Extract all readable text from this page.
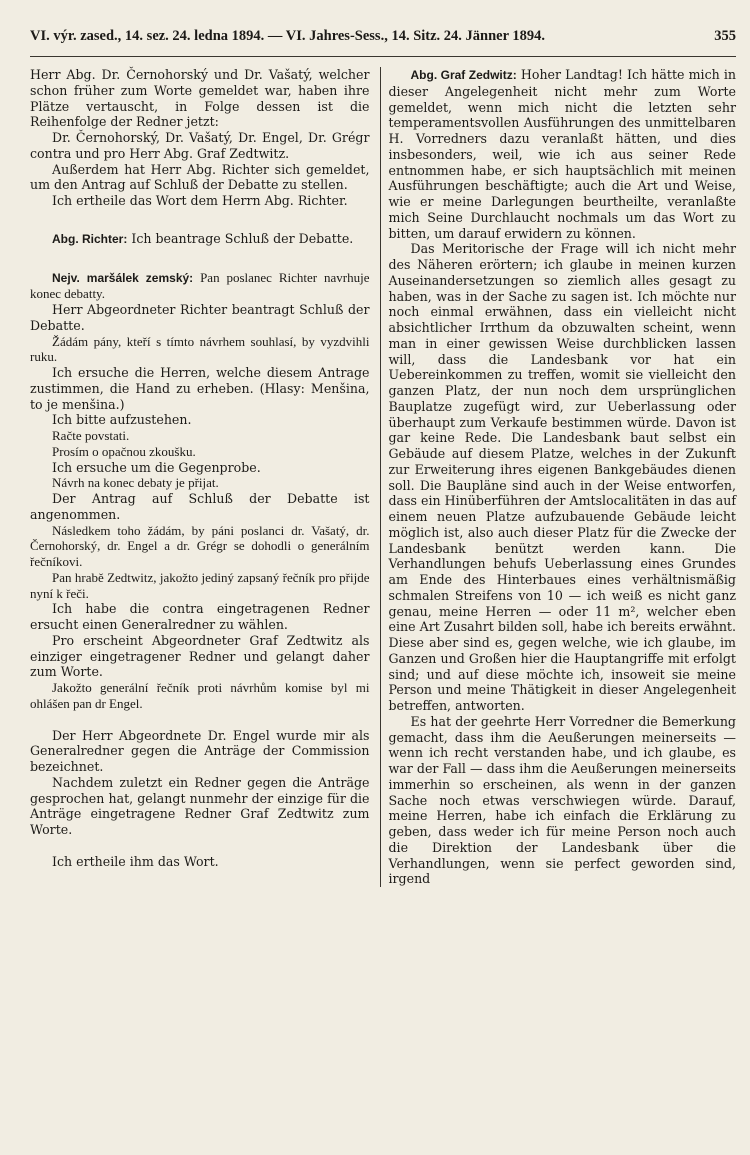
VI. výr. zased., 14. sez. 24. ledna 1894. — VI. Jahres-Sess., 14. Sitz. 24. Jänner 1894.	355

Herr Abg. Dr. Černohorský und Dr. Vašatý, welcher schon früher zum Worte gemeldet war, haben ihre Plätze vertauscht, in Folge dessen ist die Reihenfolge der Redner jetzt:

Dr. Černohorský, Dr. Vašatý, Dr. Engel, Dr. Grégr contra und pro Herr Abg. Graf Zedtwitz.

Außerdem hat Herr Abg. Richter sich gemeldet, um den Antrag auf Schluß der Debatte zu stellen.

Ich ertheile das Wort dem Herrn Abg. Richter.

Abg. Richter: Ich beantrage Schluß der Debatte.

Nejv. maršálek zemský: Pan poslanec Richter navrhuje konec debatty.

Herr Abgeordneter Richter beantragt Schluß der Debatte.

Žádám pány, kteří s tímto návrhem souhlasí, by vyzdvihli ruku.

Ich ersuche die Herren, welche diesem Antrage zustimmen, die Hand zu erheben. (Hlasy: Menšina, to je menšina.)

Ich bitte aufzustehen.

Račte povstati.

Prosím o opačnou zkoušku.

Ich ersuche um die Gegenprobe.

Návrh na konec debaty je přijat.

Der Antrag auf Schluß der Debatte ist angenommen.

Následkem toho žádám, by páni poslanci dr. Vašatý, dr. Černohorský, dr. Engel a dr. Grégr se dohodli o generálním řečníkovi.

Pan hrabě Zedtwitz, jakožto jediný zapsaný řečník pro přijde nyní k řeči.

Ich habe die contra eingetragenen Redner ersucht einen Generalredner zu wählen.

Pro erscheint Abgeordneter Graf Zedtwitz als einziger eingetragener Redner und gelangt daher zum Worte.

Jakožto generální řečník proti návrhům komise byl mi ohlášen pan dr Engel.

Der Herr Abgeordnete Dr. Engel wurde mir als Generalredner gegen die Anträge der Commission bezeichnet.

Nachdem zuletzt ein Redner gegen die Anträge gesprochen hat, gelangt nunmehr der einzige für die Anträge eingetragene Redner Graf Zedtwitz zum Worte.

Ich ertheile ihm das Wort.

Abg. Graf Zedwitz: Hoher Landtag! Ich hätte mich in dieser Angelegenheit nicht mehr zum Worte gemeldet, wenn mich nicht die letzten sehr temperamentsvollen Ausführungen des unmittelbaren H. Vorredners dazu veranlaßt hätten, und dies insbesonders, weil, wie ich aus seiner Rede entnommen habe, er sich hauptsächlich mit meinen Ausführungen beschäftigte; auch die Art und Weise, wie er meine Darlegungen beurtheilte, veranlaßte mich Seine Durchlaucht nochmals um das Wort zu bitten, um darauf erwidern zu können.

Das Meritorische der Frage will ich nicht mehr des Näheren erörtern; ich glaube in meinen kurzen Auseinandersetzungen so ziemlich alles gesagt zu haben, was in der Sache zu sagen ist. Ich möchte nur noch einmal erwähnen, dass ein vielleicht nicht absichtlicher Irrthum da obzuwalten scheint, wenn man in einer gewissen Weise durchblicken lassen will, dass die Landesbank vor hat ein Uebereinkommen zu treffen, womit sie vielleicht den ganzen Platz, der nun noch dem ursprünglichen Bauplatze zugefügt wird, zur Ueberlassung oder überhaupt zum Verkaufe bestimmen würde. Davon ist gar keine Rede. Die Landesbank baut selbst ein Gebäude auf diesem Platze, welches in der Zukunft zur Erweiterung ihres eigenen Bankgebäudes dienen soll. Die Baupläne sind auch in der Weise entworfen, dass ein Hinüberführen der Amtslocalitäten in das auf einem neuen Platze aufzubauende Gebäude leicht möglich ist, also auch dieser Platz für die Zwecke der Landesbank benützt werden kann. Die Verhandlungen behufs Ueberlassung eines Grundes am Ende des Hinterbaues eines verhältnismäßig schmalen Streifens von 10 — ich weiß es nicht ganz genau, meine Herren — oder 11 m², welcher eben eine Art Zusahrt bilden soll, habe ich bereits erwähnt. Diese aber sind es, gegen welche, wie ich glaube, im Ganzen und Großen hier die Hauptangriffe mit erfolgt sind; und auf diese möchte ich, insoweit sie meine Person und meine Thätigkeit in dieser Angelegenheit betreffen, antworten.

Es hat der geehrte Herr Vorredner die Bemerkung gemacht, dass ihm die Aeußerungen meinerseits — wenn ich recht verstanden habe, und ich glaube, es war der Fall — dass ihm die Aeußerungen meinerseits immerhin so erscheinen, als wenn in der ganzen Sache noch etwas verschwiegen würde. Darauf, meine Herren, habe ich einfach die Erklärung zu geben, dass weder ich für meine Person noch auch die Direktion der Landesbank über die Verhandlungen, wenn sie perfect geworden sind, irgend
